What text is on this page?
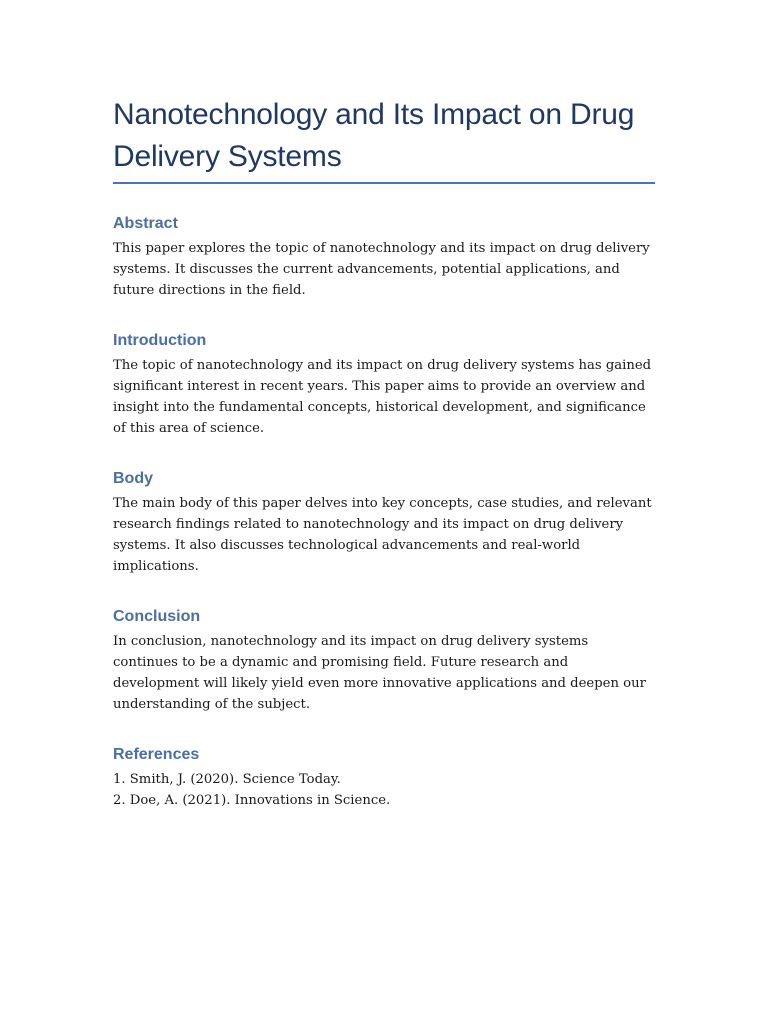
Nanotechnology and Its Impact on Drug Delivery Systems
Abstract

This paper explores the topic of nanotechnology and its impact on drug delivery systems. It discusses the current advancements, potential applications, and future directions in the field.

Introduction

The topic of nanotechnology and its impact on drug delivery systems has gained significant interest in recent years. This paper aims to provide an overview and insight into the fundamental concepts, historical development, and significance of this area of science.

Body

The main body of this paper delves into key concepts, case studies, and relevant research findings related to nanotechnology and its impact on drug delivery systems. It also discusses technological advancements and real-world implications.

Conclusion

In conclusion, nanotechnology and its impact on drug delivery systems continues to be a dynamic and promising field. Future research and development will likely yield even more innovative applications and deepen our understanding of the subject.

References
1. Smith, J. (2020). Science Today.
2. Doe, A. (2021). Innovations in Science.
